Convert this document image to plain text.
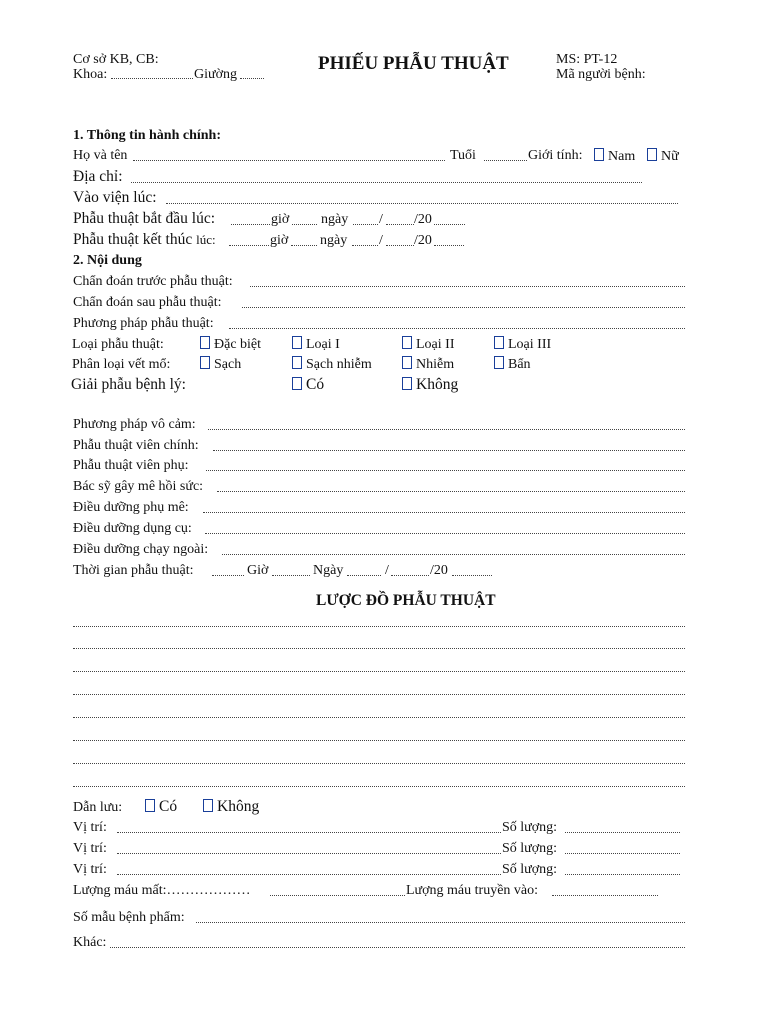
Cơ sở KB, CB:
Khoa:	Giường
PHIẾU PHẪU THUẬT	MS: PT-12
Mã người bệnh:
1. Thông tin hành chính:
Họ và tên	Tuổi	Giới tính:	Nam	Nữ
Địa chỉ:
Vào viện lúc:
Phẫu thuật bắt đầu lúc:	giờ ngày / /20
Phẫu thuật kết thúc lúc:	giờ ngày / /20
2. Nội dung
Chẩn đoán trước phẫu thuật:
Chẩn đoán sau phẫu thuật:
Phương pháp phẫu thuật:
Loại phẫu thuật:	Đặc biệt	Loại I	Loại II	Loại III
Phân loại vết mổ:	Sạch	Sạch nhiễm	Nhiễm	Bẩn
Giải phẫu bệnh lý:	Có	Không
Phương pháp vô cảm:
Phẫu thuật viên chính:
Phẫu thuật viên phụ:
Bác sỹ gây mê hồi sức:
Điều dưỡng phụ mê:
Điều dưỡng dụng cụ:
Điều dưỡng chạy ngoài:
Thời gian phẫu thuật:	Giờ	Ngày	/	/20
LƯỢC ĐỒ PHẪU THUẬT
Dẫn lưu:	Có	Không
Vị trí:	Số lượng:
Vị trí:	Số lượng:
Vị trí:	Số lượng:
Lượng máu mất:………………	Lượng máu truyền vào:
Số mẫu bệnh phẩm:
Khác:
